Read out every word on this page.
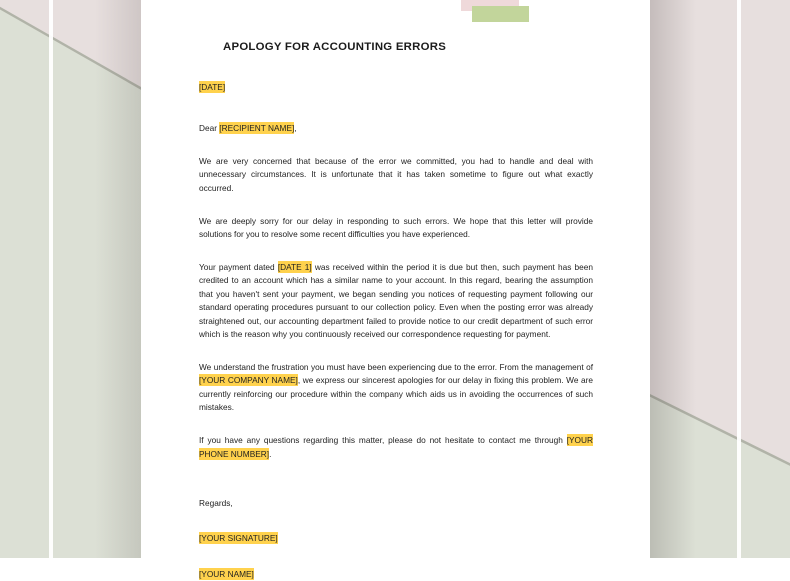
APOLOGY FOR ACCOUNTING ERRORS

[DATE]

Dear [RECIPIENT NAME],

We are very concerned that because of the error we committed, you had to handle and deal with unnecessary circumstances. It is unfortunate that it has taken sometime to figure out what exactly occurred.

We are deeply sorry for our delay in responding to such errors. We hope that this letter will provide solutions for you to resolve some recent difficulties you have experienced.

Your payment dated [DATE 1] was received within the period it is due but then, such payment has been credited to an account which has a similar name to your account. In this regard, bearing the assumption that you haven't sent your payment, we began sending you notices of requesting payment following our standard operating procedures pursuant to our collection policy. Even when the posting error was already straightened out, our accounting department failed to provide notice to our credit department of such error which is the reason why you continuously received our correspondence requesting for payment.

We understand the frustration you must have been experiencing due to the error. From the management of [YOUR COMPANY NAME], we express our sincerest apologies for our delay in fixing this problem. We are currently reinforcing our procedure within the company which aids us in avoiding the occurrences of such mistakes.

If you have any questions regarding this matter, please do not hesitate to contact me through [YOUR PHONE NUMBER].

Regards,

[YOUR SIGNATURE]

[YOUR NAME]
